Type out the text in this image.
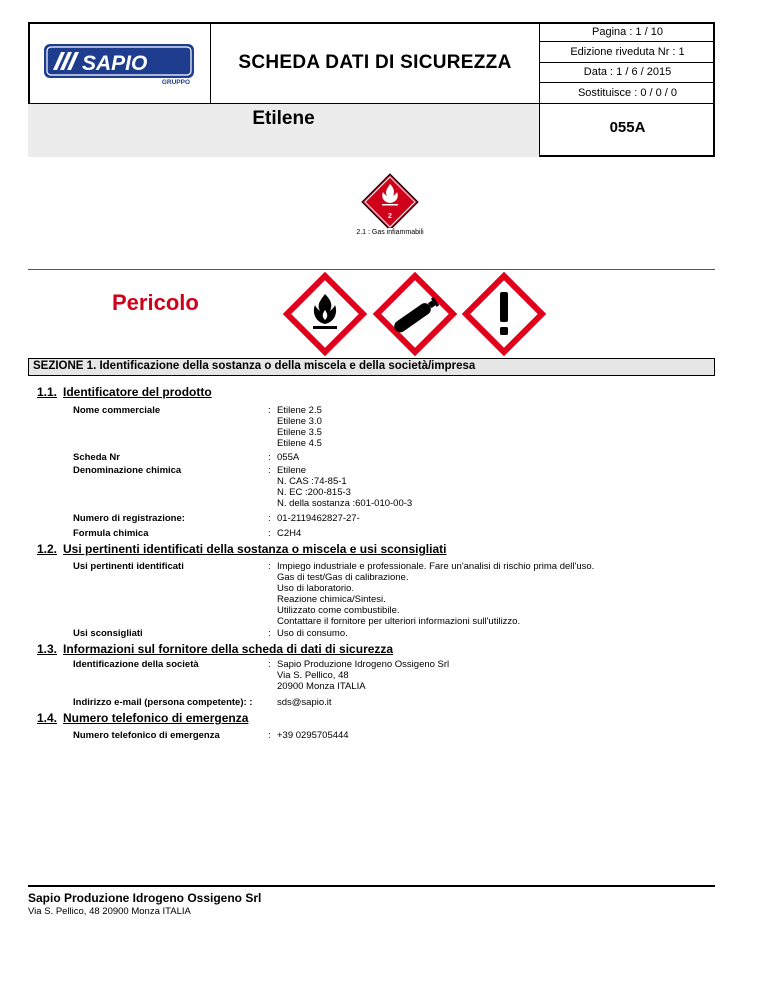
SAPIO
GRUPPO
SCHEDA DATI DI SICUREZZA
Pagina : 1 / 10
Edizione riveduta Nr : 1
Data : 1 / 6 / 2015
Sostituisce : 0 / 0 / 0
Etilene	055A
2
2.1 : Gas infiammabili
Pericolo
SEZIONE 1. Identificazione della sostanza o della miscela e della società/impresa
1.1. Identificatore del prodotto
Nome commerciale	: Etilene 2.5
Etilene 3.0
Etilene 3.5
Etilene 4.5
Scheda Nr	: 055A
Denominazione chimica	: Etilene
N. CAS :74-85-1
N. EC :200-815-3
N. della sostanza :601-010-00-3
Numero di registrazione:	: 01-2119462827-27-
Formula chimica	: C2H4
1.2. Usi pertinenti identificati della sostanza o miscela e usi sconsigliati
Usi pertinenti identificati	: Impiego industriale e professionale. Fare un'analisi di rischio prima dell'uso.
Gas di test/Gas di calibrazione.
Uso di laboratorio.
Reazione chimica/Sintesi.
Utilizzato come combustibile.
Contattare il fornitore per ulteriori informazioni sull'utilizzo.
Usi sconsigliati	: Uso di consumo.
1.3. Informazioni sul fornitore della scheda di dati di sicurezza
Identificazione della società	: Sapio Produzione Idrogeno Ossigeno Srl
Via S. Pellico, 48
20900 Monza ITALIA
Indirizzo e-mail (persona competente): :	sds@sapio.it
1.4. Numero telefonico di emergenza
Numero telefonico di emergenza	: +39 0295705444
Sapio Produzione Idrogeno Ossigeno Srl
Via S. Pellico, 48 20900 Monza ITALIA
